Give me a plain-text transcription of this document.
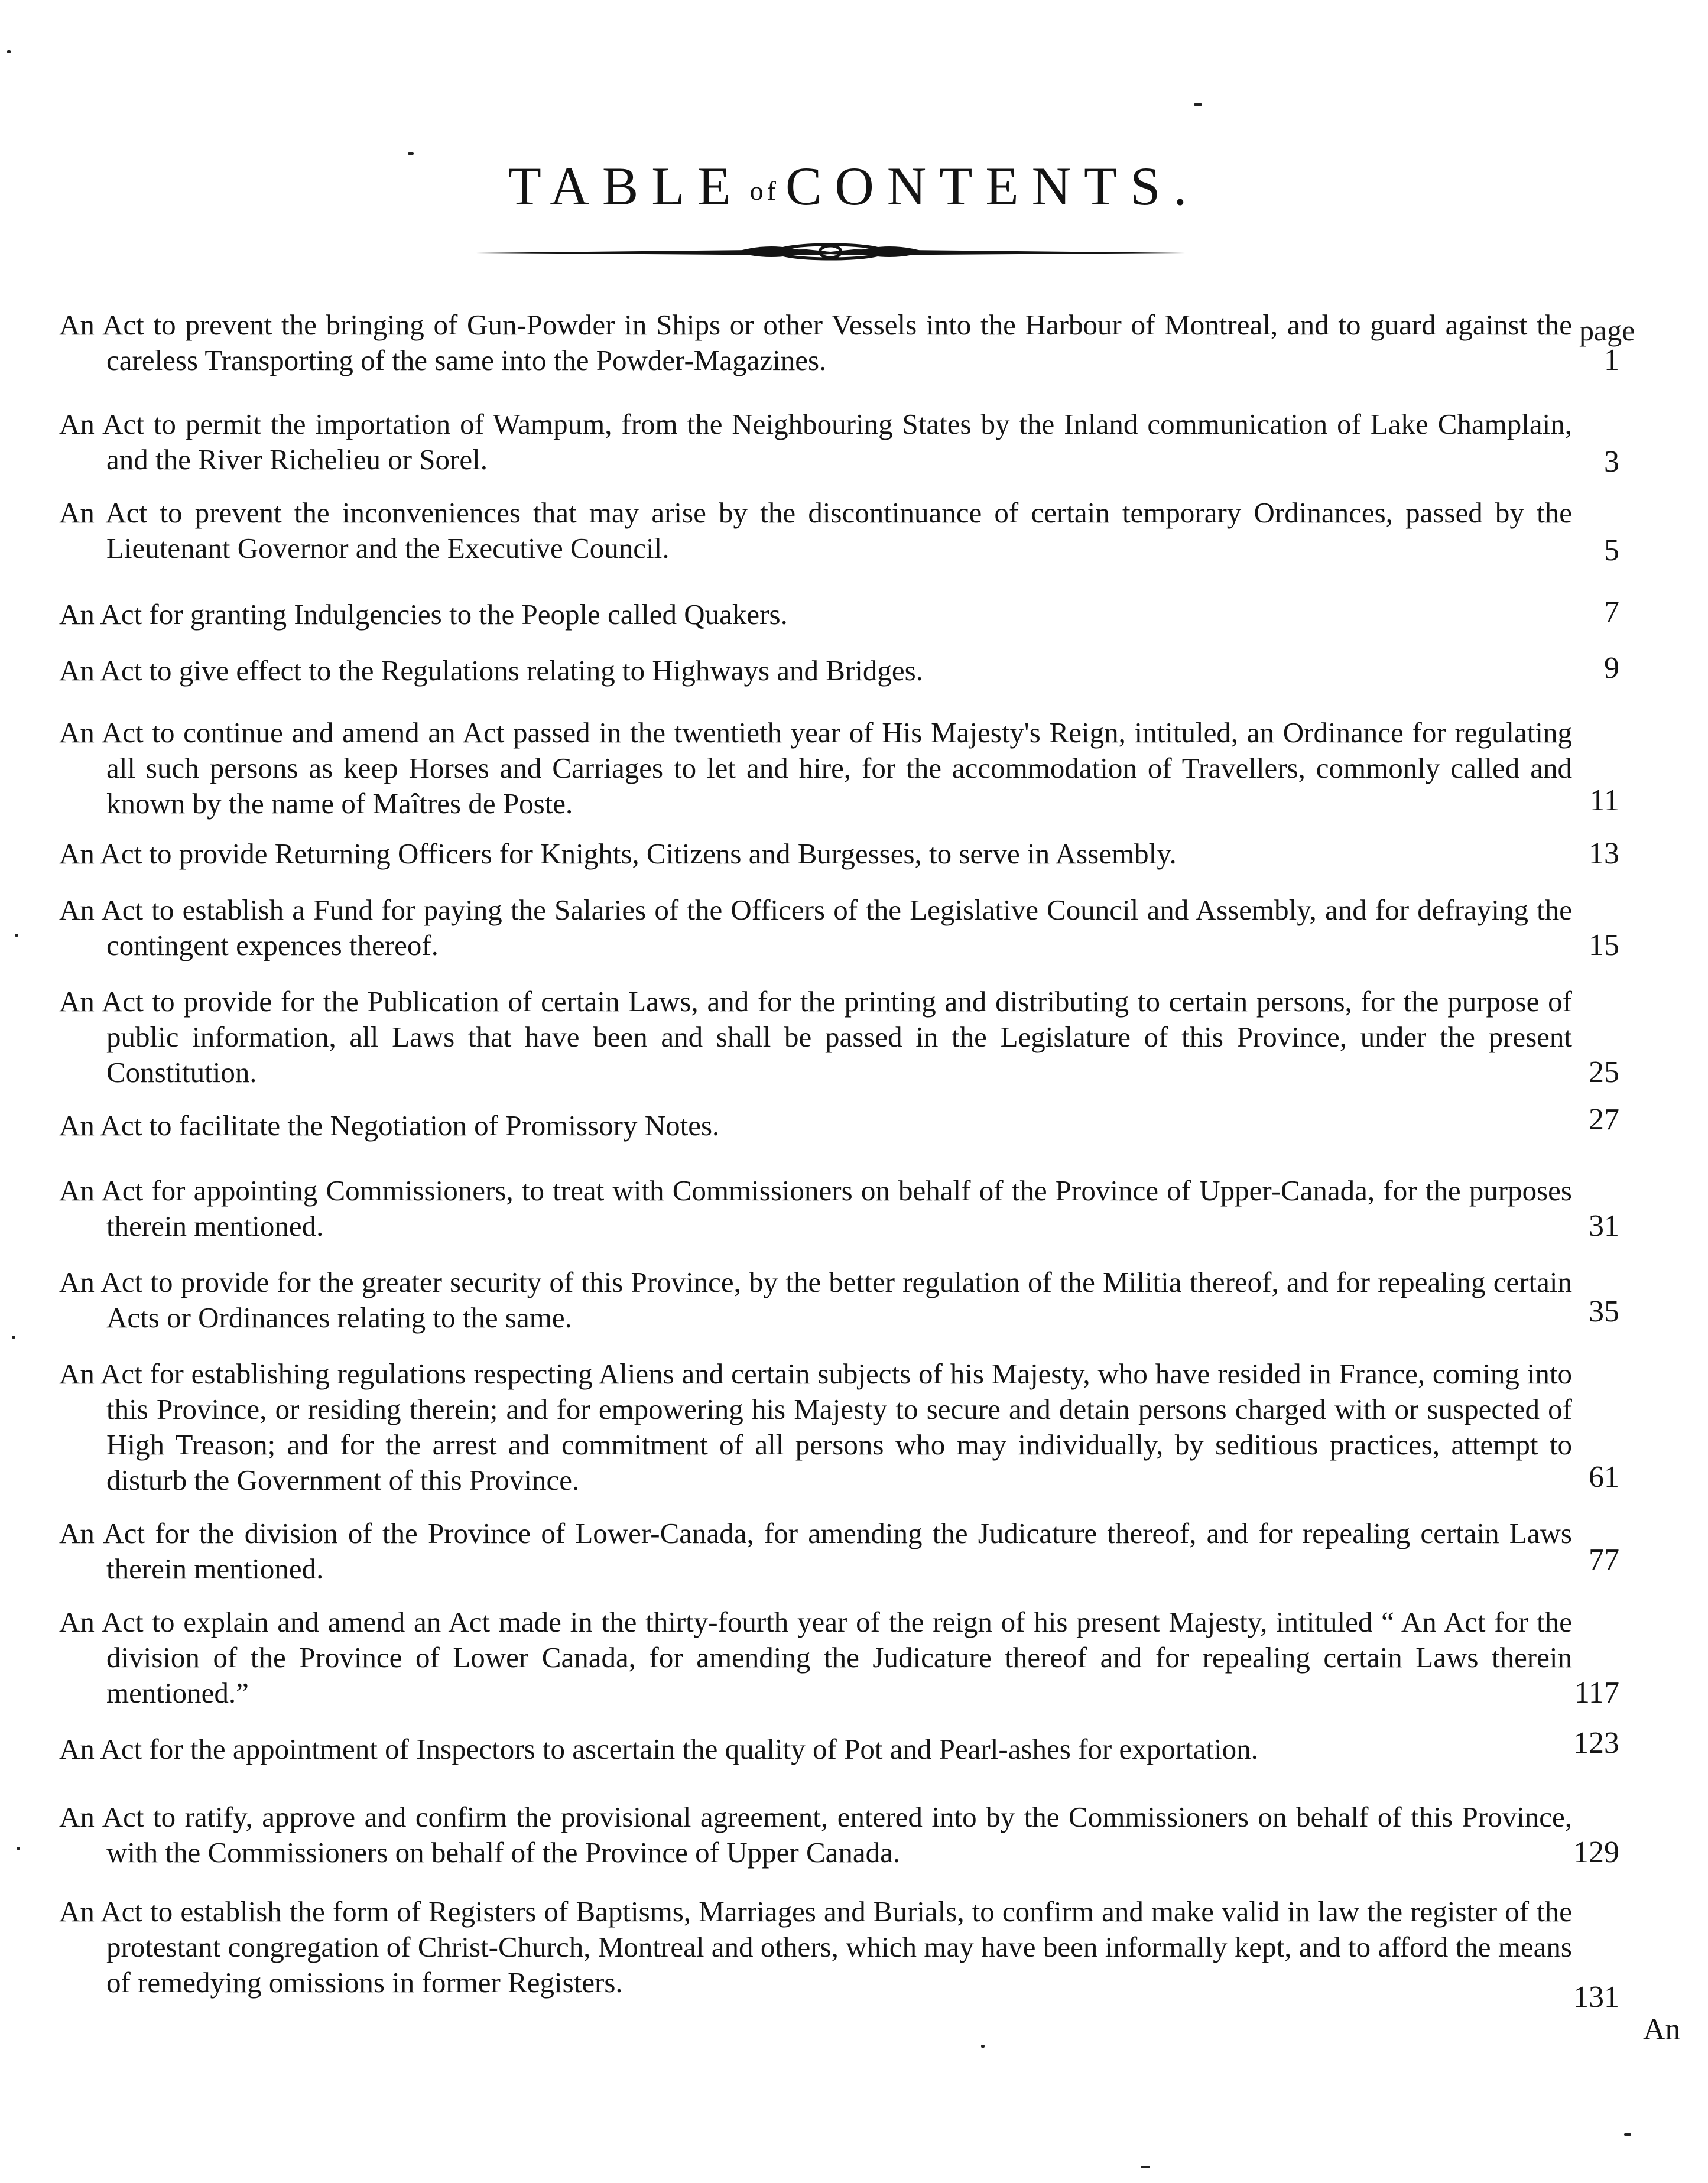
TABLE of CONTENTS.
page
An Act to prevent the bringing of Gun-Powder in Ships or other Vessels into the Harbour of Montreal, and to guard against the careless Transporting of the same into the Powder-Magazines.	1
An Act to permit the importation of Wampum, from the Neighbouring States by the Inland communication of Lake Champlain, and the River Richelieu or Sorel.	3
An Act to prevent the inconveniences that may arise by the discontinuance of certain temporary Ordinances, passed by the Lieutenant Governor and the Executive Council.	5
An Act for granting Indulgencies to the People called Quakers.	7
An Act to give effect to the Regulations relating to Highways and Bridges.	9
An Act to continue and amend an Act passed in the twentieth year of His Majesty's Reign, intituled, an Ordinance for regulating all such persons as keep Horses and Carriages to let and hire, for the accommodation of Travellers, commonly called and known by the name of Maîtres de Poste.	11
An Act to provide Returning Officers for Knights, Citizens and Burgesses, to serve in Assembly.	13
An Act to establish a Fund for paying the Salaries of the Officers of the Legislative Council and Assembly, and for defraying the contingent expences thereof.	15
An Act to provide for the Publication of certain Laws, and for the printing and distributing to certain persons, for the purpose of public information, all Laws that have been and shall be passed in the Legislature of this Province, under the present Constitution.	25
An Act to facilitate the Negotiation of Promissory Notes.	27
An Act for appointing Commissioners, to treat with Commissioners on behalf of the Province of Upper-Canada, for the purposes therein mentioned.	31
An Act to provide for the greater security of this Province, by the better regulation of the Militia thereof, and for repealing certain Acts or Ordinances relating to the same.	35
An Act for establishing regulations respecting Aliens and certain subjects of his Majesty, who have resided in France, coming into this Province, or residing therein; and for empowering his Majesty to secure and detain persons charged with or suspected of High Treason; and for the arrest and commitment of all persons who may individually, by seditious practices, attempt to disturb the Government of this Province.	61
An Act for the division of the Province of Lower-Canada, for amending the Judicature thereof, and for repealing certain Laws therein mentioned.	77
An Act to explain and amend an Act made in the thirty-fourth year of the reign of his present Majesty, intituled “ An Act for the division of the Province of Lower Canada, for amending the Judicature thereof and for repealing certain Laws therein mentioned.”	117
An Act for the appointment of Inspectors to ascertain the quality of Pot and Pearl-ashes for exportation.	123
An Act to ratify, approve and confirm the provisional agreement, entered into by the Commissioners on behalf of this Province, with the Commissioners on behalf of the Province of Upper Canada.	129
An Act to establish the form of Registers of Baptisms, Marriages and Burials, to confirm and make valid in law the register of the protestant congregation of Christ-Church, Montreal and others, which may have been informally kept, and to afford the means of remedying omissions in former Registers.	131
An
